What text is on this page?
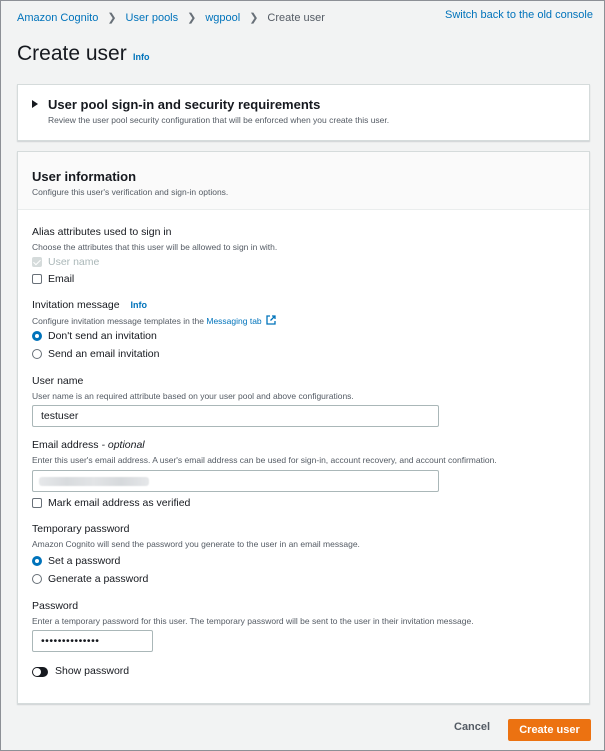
Amazon Cognito ❯ User pools ❯ wgpool ❯ Create user	Switch back to the old console
Create user Info
User pool sign-in and security requirements
Review the user pool security configuration that will be enforced when you create this user.
User information
Configure this user's verification and sign-in options.
Alias attributes used to sign in
Choose the attributes that this user will be allowed to sign in with.
User name
Email
Invitation message Info
Configure invitation message templates in the Messaging tab
Don't send an invitation
Send an email invitation
User name
User name is an required attribute based on your user pool and above configurations.
testuser
Email address - optional
Enter this user's email address. A user's email address can be used for sign-in, account recovery, and account confirmation.
Mark email address as verified
Temporary password
Amazon Cognito will send the password you generate to the user in an email message.
Set a password
Generate a password
Password
Enter a temporary password for this user. The temporary password will be sent to the user in their invitation message.
••••••••••••••
Show password
Cancel	Create user
